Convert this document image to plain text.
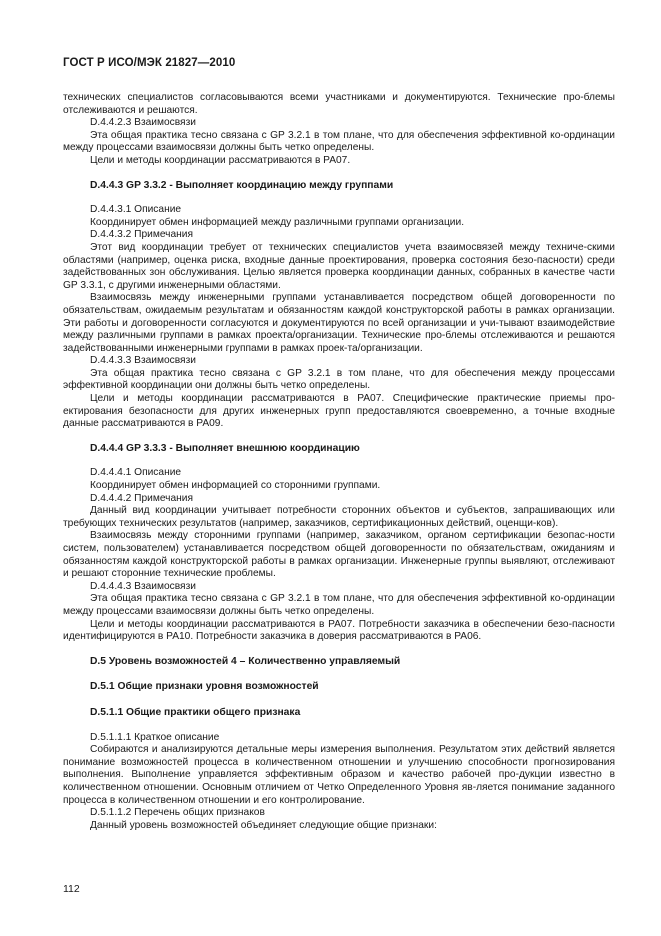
ГОСТ Р ИСО/МЭК 21827—2010

технических специалистов согласовываются всеми участниками и документируются. Технические про-блемы отслеживаются и решаются.

D.4.4.2.3 Взаимосвязи

Эта общая практика тесно связана с GP 3.2.1 в том плане, что для обеспечения эффективной ко-ординации между процессами взаимосвязи должны быть четко определены.

Цели и методы координации рассматриваются в PA07.

D.4.4.3 GP 3.3.2 - Выполняет координацию между группами

D.4.4.3.1 Описание

Координирует обмен информацией между различными группами организации.

D.4.4.3.2 Примечания

Этот вид координации требует от технических специалистов учета взаимосвязей между техниче-скими областями (например, оценка риска, входные данные проектирования, проверка состояния безо-пасности) среди задействованных зон обслуживания. Целью является проверка координации данных, собранных в качестве части GP 3.3.1, с другими инженерными областями.

Взаимосвязь между инженерными группами устанавливается посредством общей договоренности по обязательствам, ожидаемым результатам и обязанностям каждой конструкторской работы в рамках организации. Эти работы и договоренности согласуются и документируются по всей организации и учи-тывают взаимодействие между различными группами в рамках проекта/организации. Технические про-блемы отслеживаются и решаются задействованными инженерными группами в рамках проек-та/организации.

D.4.4.3.3 Взаимосвязи

Эта общая практика тесно связана с GP 3.2.1 в том плане, что для обеспечения между процессами эффективной координации они должны быть четко определены.

Цели и методы координации рассматриваются в PA07. Специфические практические приемы про-ектирования безопасности для других инженерных групп предоставляются своевременно, а точные входные данные рассматриваются в PA09.

D.4.4.4 GP 3.3.3 - Выполняет внешнюю координацию

D.4.4.4.1 Описание

Координирует обмен информацией со сторонними группами.

D.4.4.4.2 Примечания

Данный вид координации учитывает потребности сторонних объектов и субъектов, запрашивающих или требующих технических результатов (например, заказчиков, сертификационных действий, оценщи-ков).

Взаимосвязь между сторонними группами (например, заказчиком, органом сертификации безопас-ности систем, пользователем) устанавливается посредством общей договоренности по обязательствам, ожиданиям и обязанностям каждой конструкторской работы в рамках организации. Инженерные группы выявляют, отслеживают и решают сторонние технические проблемы.

D.4.4.4.3 Взаимосвязи

Эта общая практика тесно связана с GP 3.2.1 в том плане, что для обеспечения эффективной ко-ординации между процессами взаимосвязи должны быть четко определены.

Цели и методы координации рассматриваются в PA07. Потребности заказчика в обеспечении безо-пасности идентифицируются в PA10. Потребности заказчика в доверия рассматриваются в PA06.

D.5 Уровень возможностей 4 – Количественно управляемый

D.5.1 Общие признаки уровня возможностей

D.5.1.1 Общие практики общего признака

D.5.1.1.1 Краткое описание

Собираются и анализируются детальные меры измерения выполнения. Результатом этих действий является понимание возможностей процесса в количественном отношении и улучшению способности прогнозирования выполнения. Выполнение управляется эффективным образом и качество рабочей про-дукции известно в количественном отношении. Основным отличием от Четко Определенного Уровня яв-ляется понимание заданного процесса в количественном отношении и его контролирование.

D.5.1.1.2 Перечень общих признаков

Данный уровень возможностей объединяет следующие общие признаки:

112
